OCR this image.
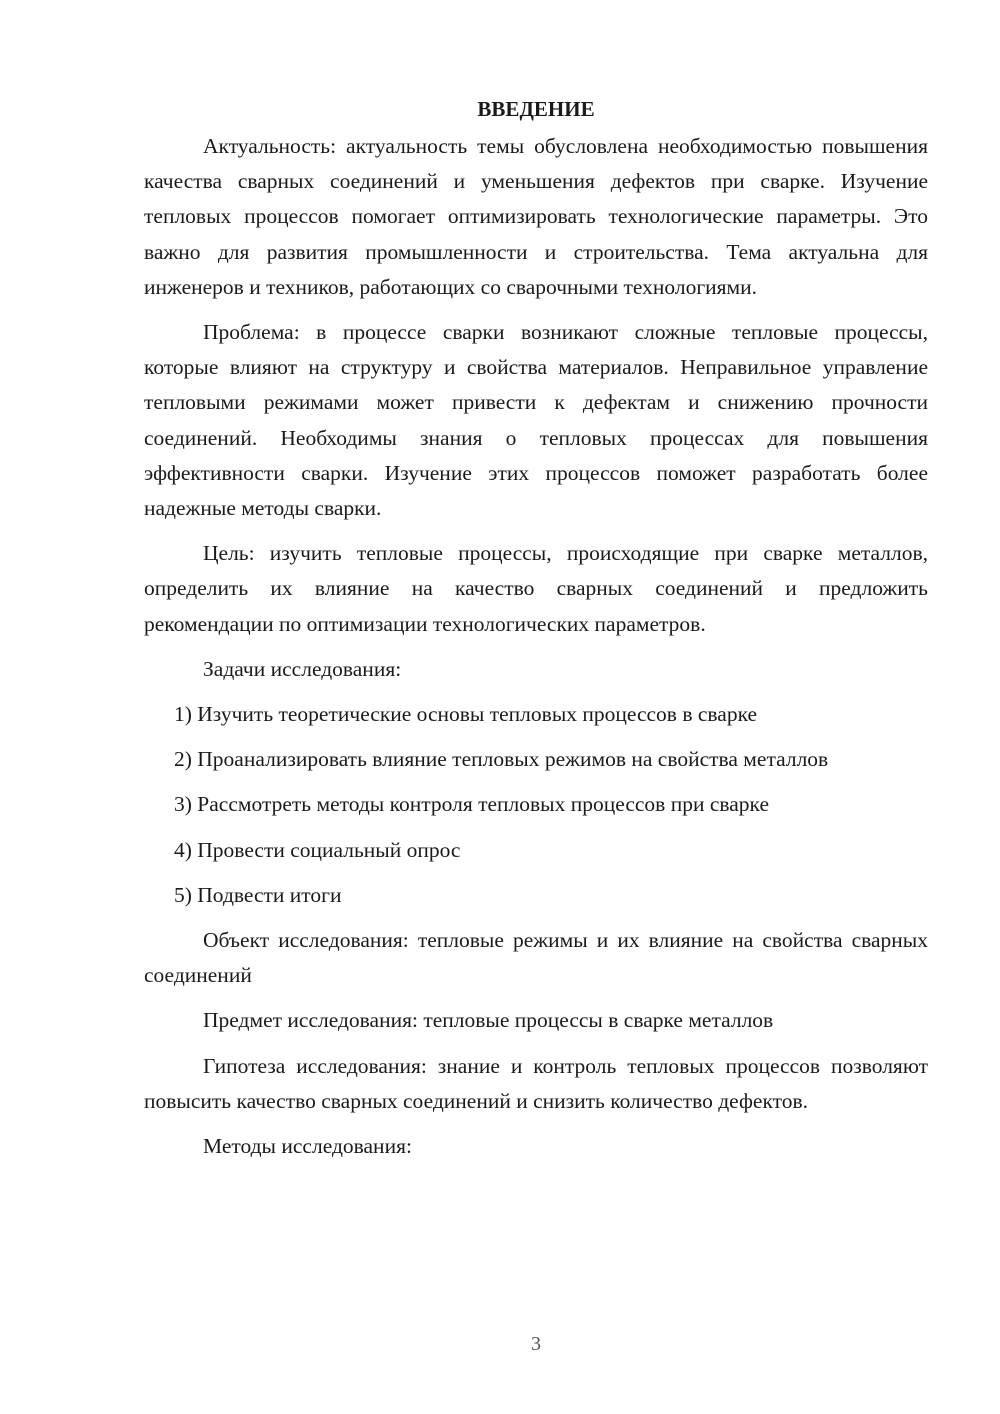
ВВЕДЕНИЕ

Актуальность: актуальность темы обусловлена необходимостью повышения качества сварных соединений и уменьшения дефектов при сварке. Изучение тепловых процессов помогает оптимизировать технологические параметры. Это важно для развития промышленности и строительства. Тема актуальна для инженеров и техников, работающих со сварочными технологиями.

Проблема: в процессе сварки возникают сложные тепловые процессы, которые влияют на структуру и свойства материалов. Неправильное управление тепловыми режимами может привести к дефектам и снижению прочности соединений. Необходимы знания о тепловых процессах для повышения эффективности сварки. Изучение этих процессов поможет разработать более надежные методы сварки.

Цель: изучить тепловые процессы, происходящие при сварке металлов, определить их влияние на качество сварных соединений и предложить рекомендации по оптимизации технологических параметров.

Задачи исследования:

1) Изучить теоретические основы тепловых процессов в сварке

2) Проанализировать влияние тепловых режимов на свойства металлов

3) Рассмотреть методы контроля тепловых процессов при сварке

4) Провести социальный опрос

5) Подвести итоги

Объект исследования: тепловые режимы и их влияние на свойства сварных соединений

Предмет исследования: тепловые процессы в сварке металлов

Гипотеза исследования: знание и контроль тепловых процессов позволяют повысить качество сварных соединений и снизить количество дефектов.

Методы исследования:

3
